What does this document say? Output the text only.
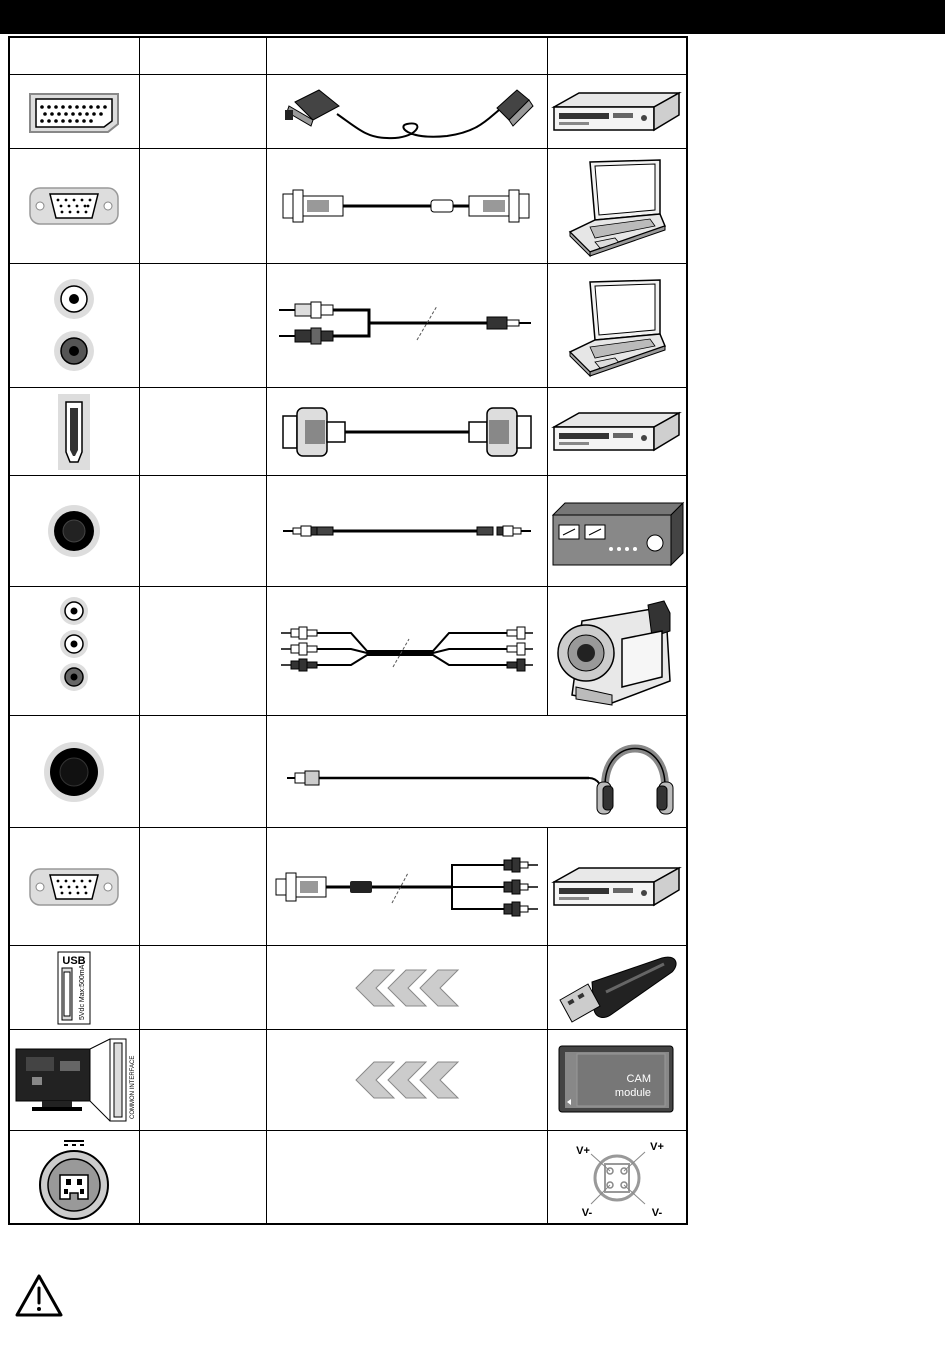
USB
5Vdc Max:500mA

COMMON INTERFACE			CAM
module

V+ V+
V- V-
